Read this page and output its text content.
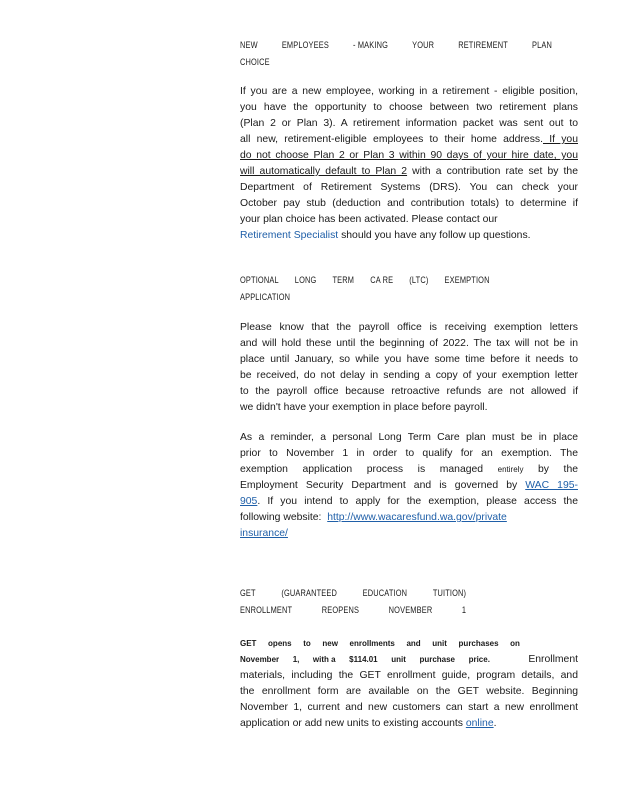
NEW	EMPLOYEES	- MAKING	YOUR	RETIREMENT	PLAN
CHOICE
If you are a new employee, working in a retirement - eligible position,
you have the opportunity to choose between two retirement plans
(Plan 2 or Plan 3). A retirement information packet was sent out to
all new, retirement-eligible employees to their home address. If you
do not choose Plan 2 or Plan 3 within 90 days of your hire date, you
will automatically default to Plan 2 with a contribution rate set by the
Department of Retirement Systems (DRS). You can check your
October pay stub (deduction and contribution totals) to determine if
your plan choice has been activated. Please contact our
Retirement Specialist should you have any follow up questions.
OPTIONAL LONG TERM CA RE (LTC) EXEMPTION
APPLICATION
Please know that the payroll office is receiving exemption letters
and will hold these until the beginning of 2022. The tax will not be in
place until January, so while you have some time before it needs to
be received, do not delay in sending a copy of your exemption letter
to the payroll office because retroactive refunds are not allowed if
we didn't have your exemption in place before payroll.
As a reminder, a personal Long Term Care plan must be in place
prior to November 1 in order to qualify for an exemption. The
exemption application process is managed entirely by the
Employment Security Department and is governed by WAC 195-
905. If you intend to apply for the exemption, please access the
following website: http://www.wacaresfund.wa.gov/private
insurance/
GET	(GUARANTEED	EDUCATION	TUITION)
ENROLLMENT	REOPENS	NOVEMBER	1
GET opens to new enrollments and unit purchases on
November 1, with a $114.01 unit purchase price.	Enrollment
materials, including the GET enrollment guide, program details, and
the enrollment form are available on the GET website. Beginning
November 1, current and new customers can start a new enrollment
application or add new units to existing accounts online.
